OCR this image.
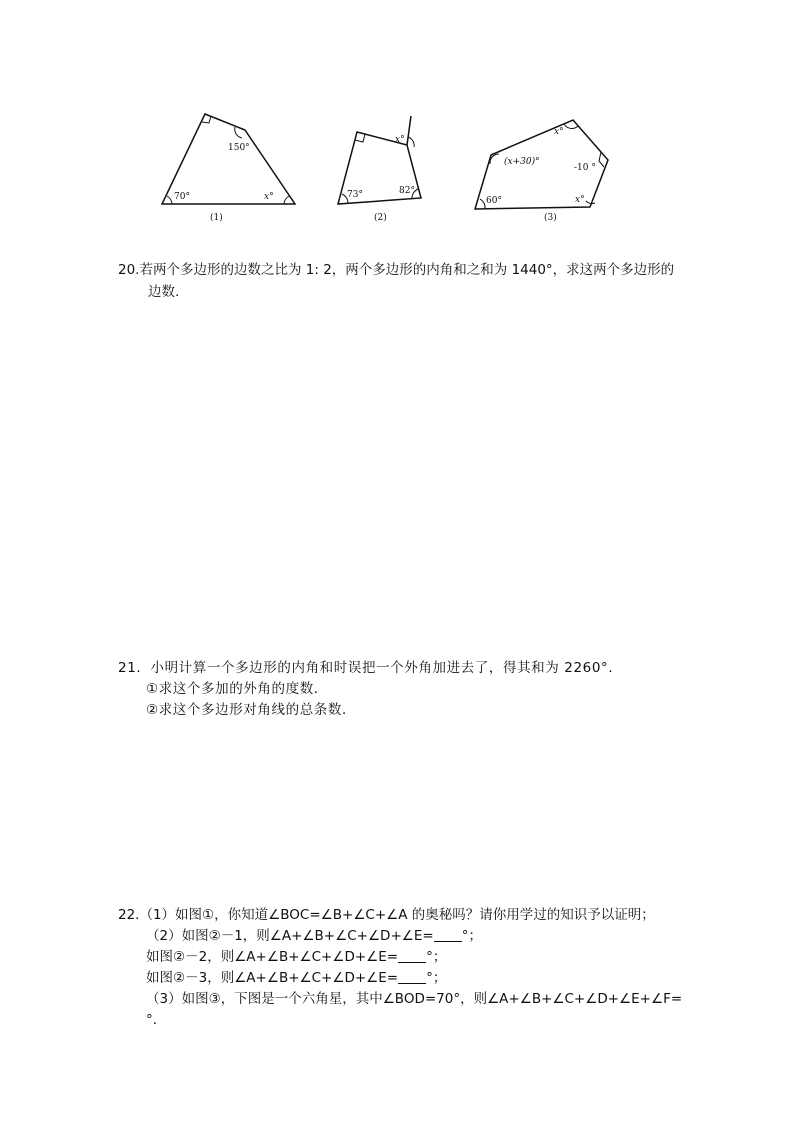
150°
70°	x°
(1)
x°
73°	82°
(2)
x°
(x+30)°
-10 °
60°	x°
(3)
20.若两个多边形的边数之比为 1: 2，两个多边形的内角和之和为 1440°，求这两个多边形的
边数.
21．小明计算一个多边形的内角和时误把一个外角加进去了，得其和为 2260°．
①求这个多加的外角的度数．
②求这个多边形对角线的总条数．
22.（1）如图①，你知道∠BOC=∠B+∠C+∠A 的奥秘吗？请你用学过的知识予以证明；
（2）如图②－1，则∠A+∠B+∠C+∠D+∠E= °；
如图②－2，则∠A+∠B+∠C+∠D+∠E= °；
如图②－3，则∠A+∠B+∠C+∠D+∠E= °；
（3）如图③，下图是一个六角星，其中∠BOD=70°，则∠A+∠B+∠C+∠D+∠E+∠F=
°．
